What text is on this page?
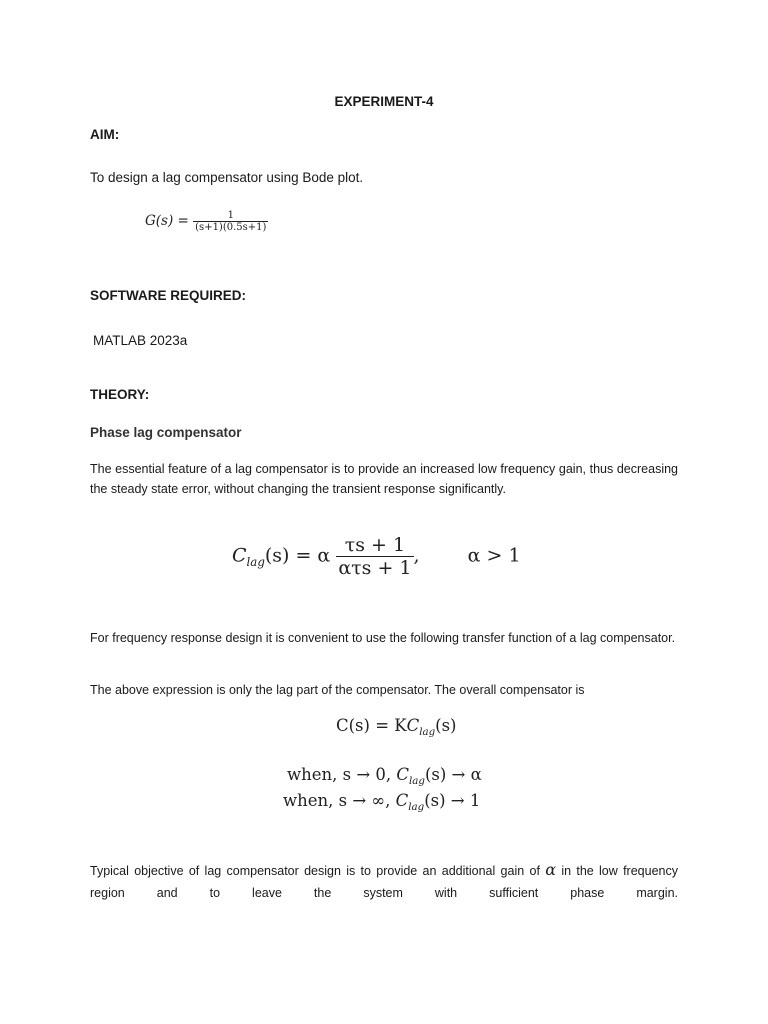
EXPERIMENT-4
AIM:
To design a lag compensator using Bode plot.
$G(s) = \frac{1}{(s+1)(0.5s+1)}$
SOFTWARE REQUIRED:
MATLAB 2023a
THEORY:
Phase lag compensator
The essential feature of a lag compensator is to provide an increased low frequency gain, thus decreasing the steady state error, without changing the transient response significantly.
$C_{lag}(s) = \alpha \frac{\tau s + 1}{\text{ατs + 1}}$ ,	α > 1
For frequency response design it is convenient to use the following transfer function of a lag compensator.
The above expression is only the lag part of the compensator. The overall compensator is
$C(s) = KC_{lag}(s)$
when, s → 0, $C_{lag}(s) \to \alpha$
when, s → ∞, $C_{lag}(s) \to 1$
Typical objective of lag compensator design is to provide an additional gain of α in the low frequency region and to leave the system with sufficient phase margin.
